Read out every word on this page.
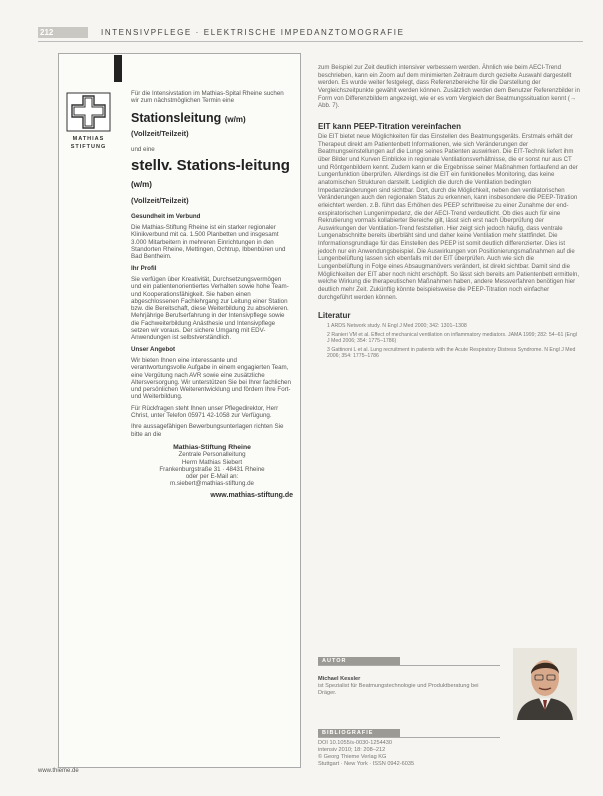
212	INTENSIVPFLEGE · ELEKTRISCHE IMPEDANZTOMOGRAFIE
MATHIAS
STIFTUNG

Für die Intensivstation im Mathias-Spital Rheine suchen wir zum nächstmöglichen Termin eine

Stationsleitung (w/m)
(Vollzeit/Teilzeit)

und eine

stellv. Stations-leitung (w/m)
(Vollzeit/Teilzeit)

Gesundheit im Verbund

Die Mathias-Stiftung Rheine ist ein starker regionaler Klinikverbund mit ca. 1.500 Planbetten und insgesamt 3.000 Mitarbeitern in mehreren Einrichtungen in den Standorten Rheine, Mettingen, Ochtrup, Ibbenbüren und Bad Bentheim.

Ihr Profil

Sie verfügen über Kreativität, Durchsetzungsvermögen und ein patientenorientiertes Verhalten sowie hohe Team- und Kooperationsfähigkeit. Sie haben einen abgeschlossenen Fachlehrgang zur Leitung einer Station bzw. die Bereitschaft, diese Weiterbildung zu absolvieren. Mehrjährige Berufserfahrung in der Intensivpflege sowie die Fachweiterbildung Anästhesie und Intensivpflege setzen wir voraus. Der sichere Umgang mit EDV-Anwendungen ist selbstverständlich.

Unser Angebot

Wir bieten Ihnen eine interessante und verantwortungsvolle Aufgabe in einem engagierten Team, eine Vergütung nach AVR sowie eine zusätzliche Altersversorgung. Wir unterstützen Sie bei Ihrer fachlichen und persönlichen Weiterentwicklung und fördern Ihre Fort- und Weiterbildung.

Für Rückfragen steht Ihnen unser Pflegedirektor, Herr Christ, unter Telefon 05971 42-1058 zur Verfügung.

Ihre aussagefähigen Bewerbungsunterlagen richten Sie bitte an die

Mathias-Stiftung Rheine
Zentrale Personalleitung
Herrn Mathias Siebert
Frankenburgstraße 31 · 48431 Rheine
oder per E-Mail an:
m.siebert@mathias-stiftung.de
www.mathias-stiftung.de

zum Beispiel zur Zeit deutlich intensiver verbessern werden. Ähnlich wie beim AECI-Trend beschrieben, kann ein Zoom auf dem minimierten Zeitraum durch gezielte Auswahl dargestellt werden. Es wurde weiter festgelegt, dass Referenzbereiche für die Darstellung der Vergleichszeitpunkte gewählt werden können. Zusätzlich werden dem Benutzer Referenzbilder in Form von Differenzbildern angezeigt, wie er es vom Vergleich der Beatmungssituation kennt (→ Abb. 7).

EIT kann PEEP-Titration vereinfachen

Die EIT bietet neue Möglichkeiten für das Einstellen des Beatmungsgeräts. Erstmals erhält der Therapeut direkt am Patientenbett Informationen, wie sich Veränderungen der Beatmungseinstellungen auf die Lunge seines Patienten auswirken. Die EIT-Technik liefert ihm über Bilder und Kurven Einblicke in regionale Ventilationsverhältnisse, die er sonst nur aus CT und Röntgenbildern kennt. Zudem kann er die Ergebnisse seiner Maßnahmen fortlaufend an der Lungenfunktion überprüfen. Allerdings ist die EIT ein funktionelles Monitoring, das keine anatomischen Strukturen darstellt. Lediglich die durch die Ventilation bedingten Impedanzänderungen sind sichtbar. Dort, durch die Möglichkeit, neben den ventilatorischen Veränderungen auch den regionalen Status zu erkennen, kann insbesondere die PEEP-Titration erleichtert werden. z.B. führt das Erhöhen des PEEP schrittweise zu einer Zunahme der end-exspiratorischen Lungenimpedanz, die der AECI-Trend verdeutlicht. Ob dies auch für eine Rekrutierung vormals kollabierter Bereiche gilt, lässt sich erst nach Überprüfung der Auswirkungen der Ventilation-Trend feststellen. Hier zeigt sich jedoch häufig, dass ventrale Lungenabschnitte bereits überbläht sind und daher keine Ventilation mehr stattfindet. Die Informationsgrundlage für das Einstellen des PEEP ist somit deutlich differenzierter. Dies ist jedoch nur ein Anwendungsbeispiel. Die Auswirkungen von Positionierungsmaßnahmen auf die Lungenbelüftung lassen sich ebenfalls mit der EIT überprüfen. Auch wie sich die Lungenbelüftung in Folge eines Absaugmanövers verändert, ist direkt sichtbar. Damit sind die Möglichkeiten der EIT aber noch nicht erschöpft. So lässt sich bereits am Patientenbett ermitteln, welche Wirkung die therapeutischen Maßnahmen haben, andere Messverfahren benötigen hier deutlich mehr Zeit. Zukünftig könnte beispielsweise die PEEP-Titration noch einfacher durchgeführt werden können.

Literatur
1 ARDS Network study. N Engl J Med 2000; 342: 1301–1308
2 Ranieri VM et al. Effect of mechanical ventilation on inflammatory mediators. JAMA 1999; 282: 54–61 (Engl J Med 2006; 354: 1775–1786)
3 Gattinoni L et al. Lung recruitment in patients with the Acute Respiratory Distress Syndrome. N Engl J Med 2006; 354: 1775–1786
AUTOR
Michael Kessler
ist Spezialist für Beatmungstechnologie und Produktberatung bei Dräger.
BIBLIOGRAFIE
DOI 10.1055/s-0030-1254430
intensiv 2010; 18: 208–212
© Georg Thieme Verlag KG
Stuttgart · New York · ISSN 0942-6035
www.thieme.de
